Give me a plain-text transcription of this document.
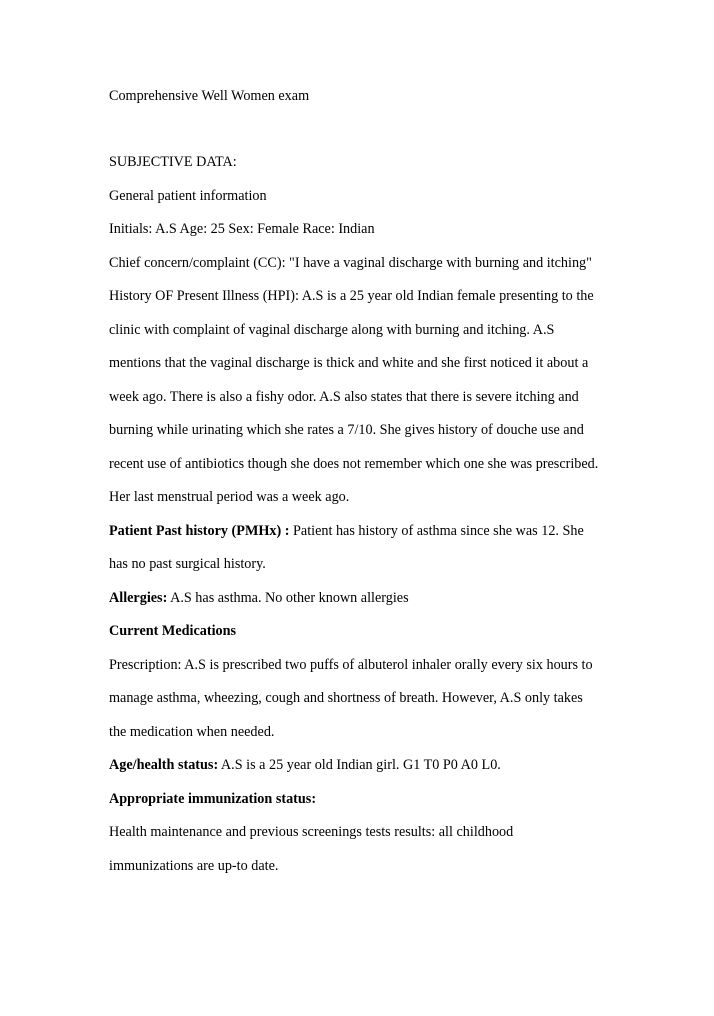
Comprehensive Well Women exam
SUBJECTIVE DATA:
General patient information
Initials: A.S Age: 25 Sex: Female Race: Indian
Chief concern/complaint (CC): "I have a vaginal discharge with burning and itching"
History OF Present Illness (HPI): A.S is a 25 year old Indian female presenting to the
clinic with complaint of vaginal discharge along with burning and itching. A.S
mentions that the vaginal discharge is thick and white and she first noticed it about a
week ago. There is also a fishy odor. A.S also states that there is severe itching and
burning while urinating which she rates a 7/10. She gives history of douche use and
recent use of antibiotics though she does not remember which one she was prescribed.
Her last menstrual period was a week ago.
Patient Past history (PMHx) : Patient has history of asthma since she was 12. She
has no past surgical history.
Allergies: A.S has asthma. No other known allergies
Current Medications
Prescription: A.S is prescribed two puffs of albuterol inhaler orally every six hours to
manage asthma, wheezing, cough and shortness of breath. However, A.S only takes
the medication when needed.
Age/health status: A.S is a 25 year old Indian girl. G1 T0 P0 A0 L0.
Appropriate immunization status:
Health maintenance and previous screenings tests results: all childhood
immunizations are up-to date.
